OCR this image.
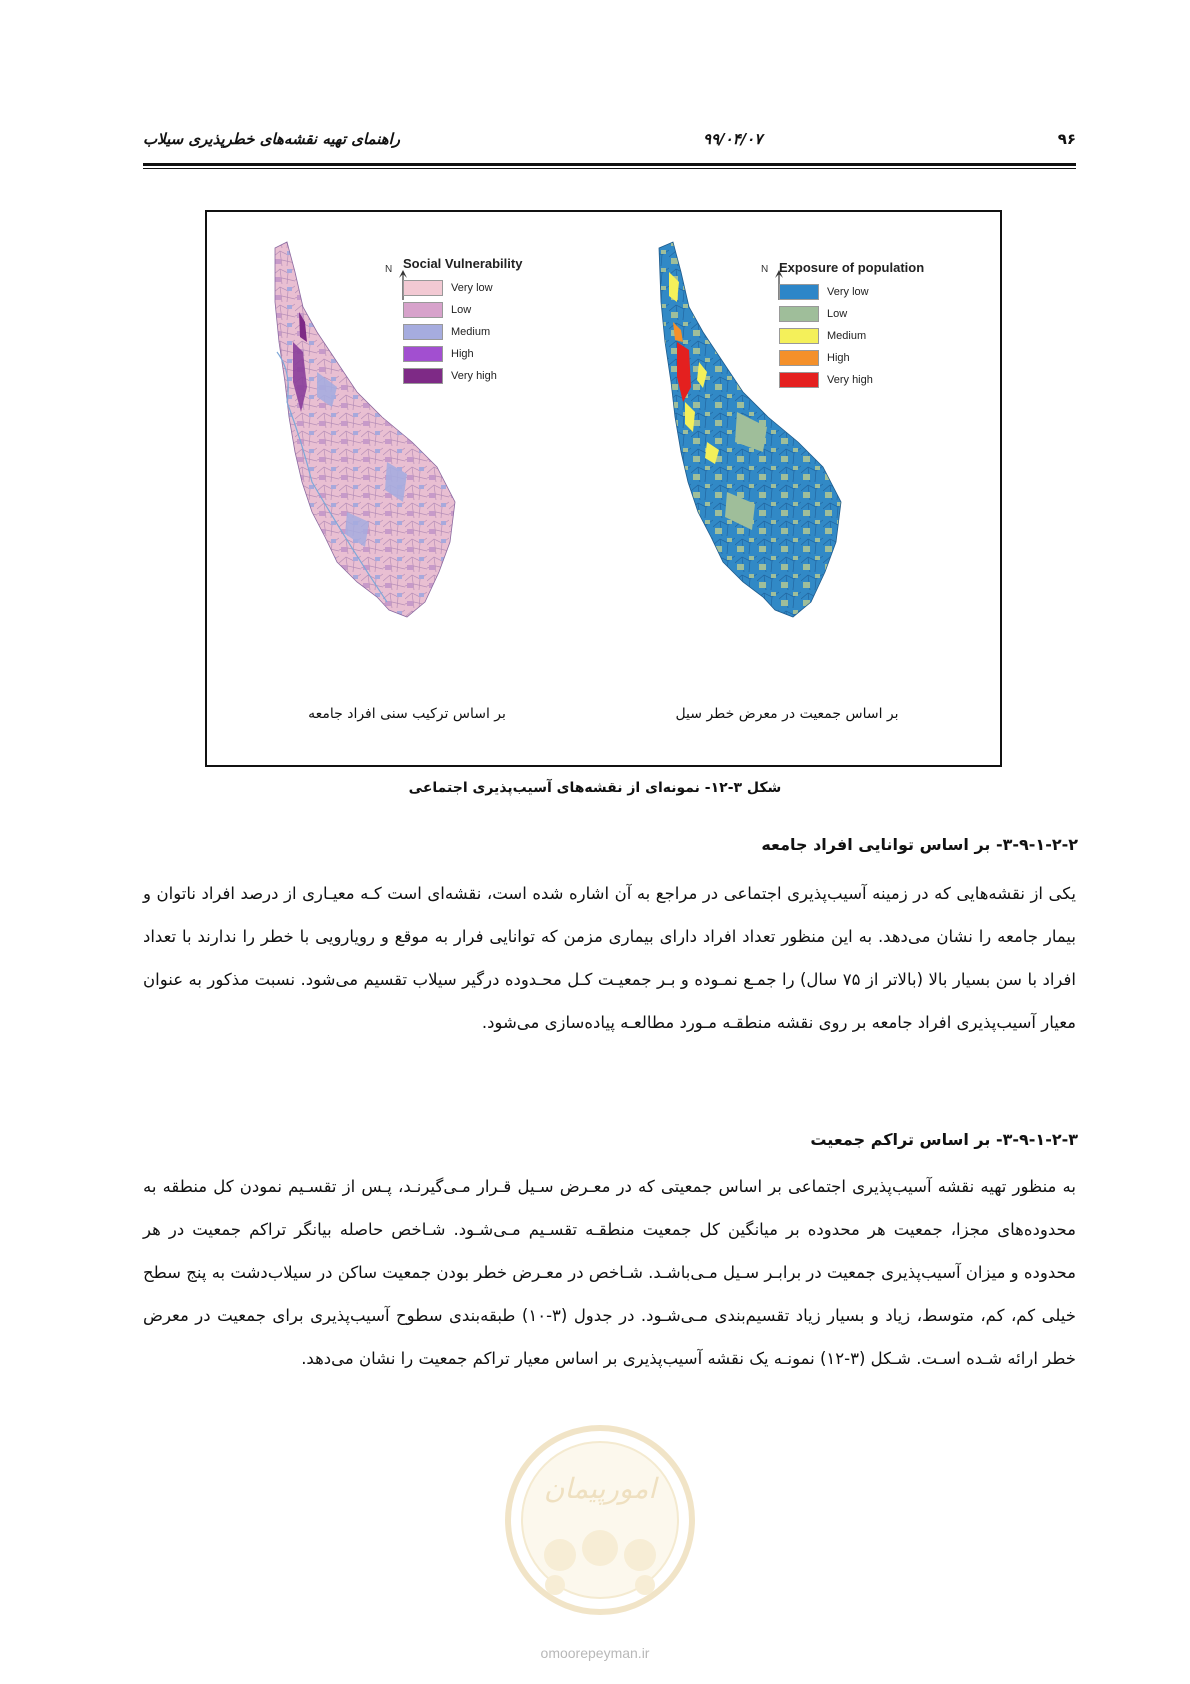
۹۶
۹۹/۰۴/۰۷
راهنمای تهیه نقشه‌های خطرپذیری سیلاب
N Social Vulnerability
Very low
Low
Medium
High
Very high
N Exposure of population
Very low
Low
Medium
High
Very high
بر اساس ترکیب سنی افراد جامعه	بر اساس جمعیت در معرض خطر سیل
شکل ۳-۱۲- نمونه‌ای از نقشه‌های آسیب‌پذیری اجتماعی
۳-۹-۱-۲-۲- بر اساس توانایی افراد جامعه
یکی از نقشه‌هایی که در زمینه آسیب‌پذیری اجتماعی در مراجع به آن اشاره شده است، نقشه‌ای است کـه معیـاری از درصد افراد ناتوان و بیمار جامعه را نشان می‌دهد. به این منظور تعداد افراد دارای بیماری مزمن که توانایی فرار به موقع و رویارویی با خطر را ندارند با تعداد افراد با سن بسیار بالا (بالاتر از ۷۵ سال) را جمـع نمـوده و بـر جمعیـت کـل محـدوده درگیر سیلاب تقسیم می‌شود. نسبت مذکور به عنوان معیار آسیب‌پذیری افراد جامعه بر روی نقشه منطقـه مـورد مطالعـه پیاده‌سازی می‌شود.
۳-۹-۱-۲-۳- بر اساس تراکم جمعیت
به منظور تهیه نقشه آسیب‌پذیری اجتماعی بر اساس جمعیتی که در معـرض سـیل قـرار مـی‌گیرنـد، پـس از تقسـیم نمودن کل منطقه به محدوده‌های مجزا، جمعیت هر محدوده بر میانگین کل جمعیت منطقـه تقسـیم مـی‌شـود. شـاخص حاصله بیانگر تراکم جمعیت در هر محدوده و میزان آسیب‌پذیری جمعیت در برابـر سـیل مـی‌باشـد. شـاخص در معـرض خطر بودن جمعیت ساکن در سیلاب‌دشت به پنج سطح خیلی کم، کم، متوسط، زیاد و بسیار زیاد تقسیم‌بندی مـی‌شـود. در جدول (۳-۱۰) طبقه‌بندی سطوح آسیب‌پذیری برای جمعیت در معرض خطر ارائه شـده اسـت. شـکل (۳-۱۲) نمونـه یک نقشه آسیب‌پذیری بر اساس معیار تراکم جمعیت را نشان می‌دهد.
امورپیمان
omoorepeyman.ir
